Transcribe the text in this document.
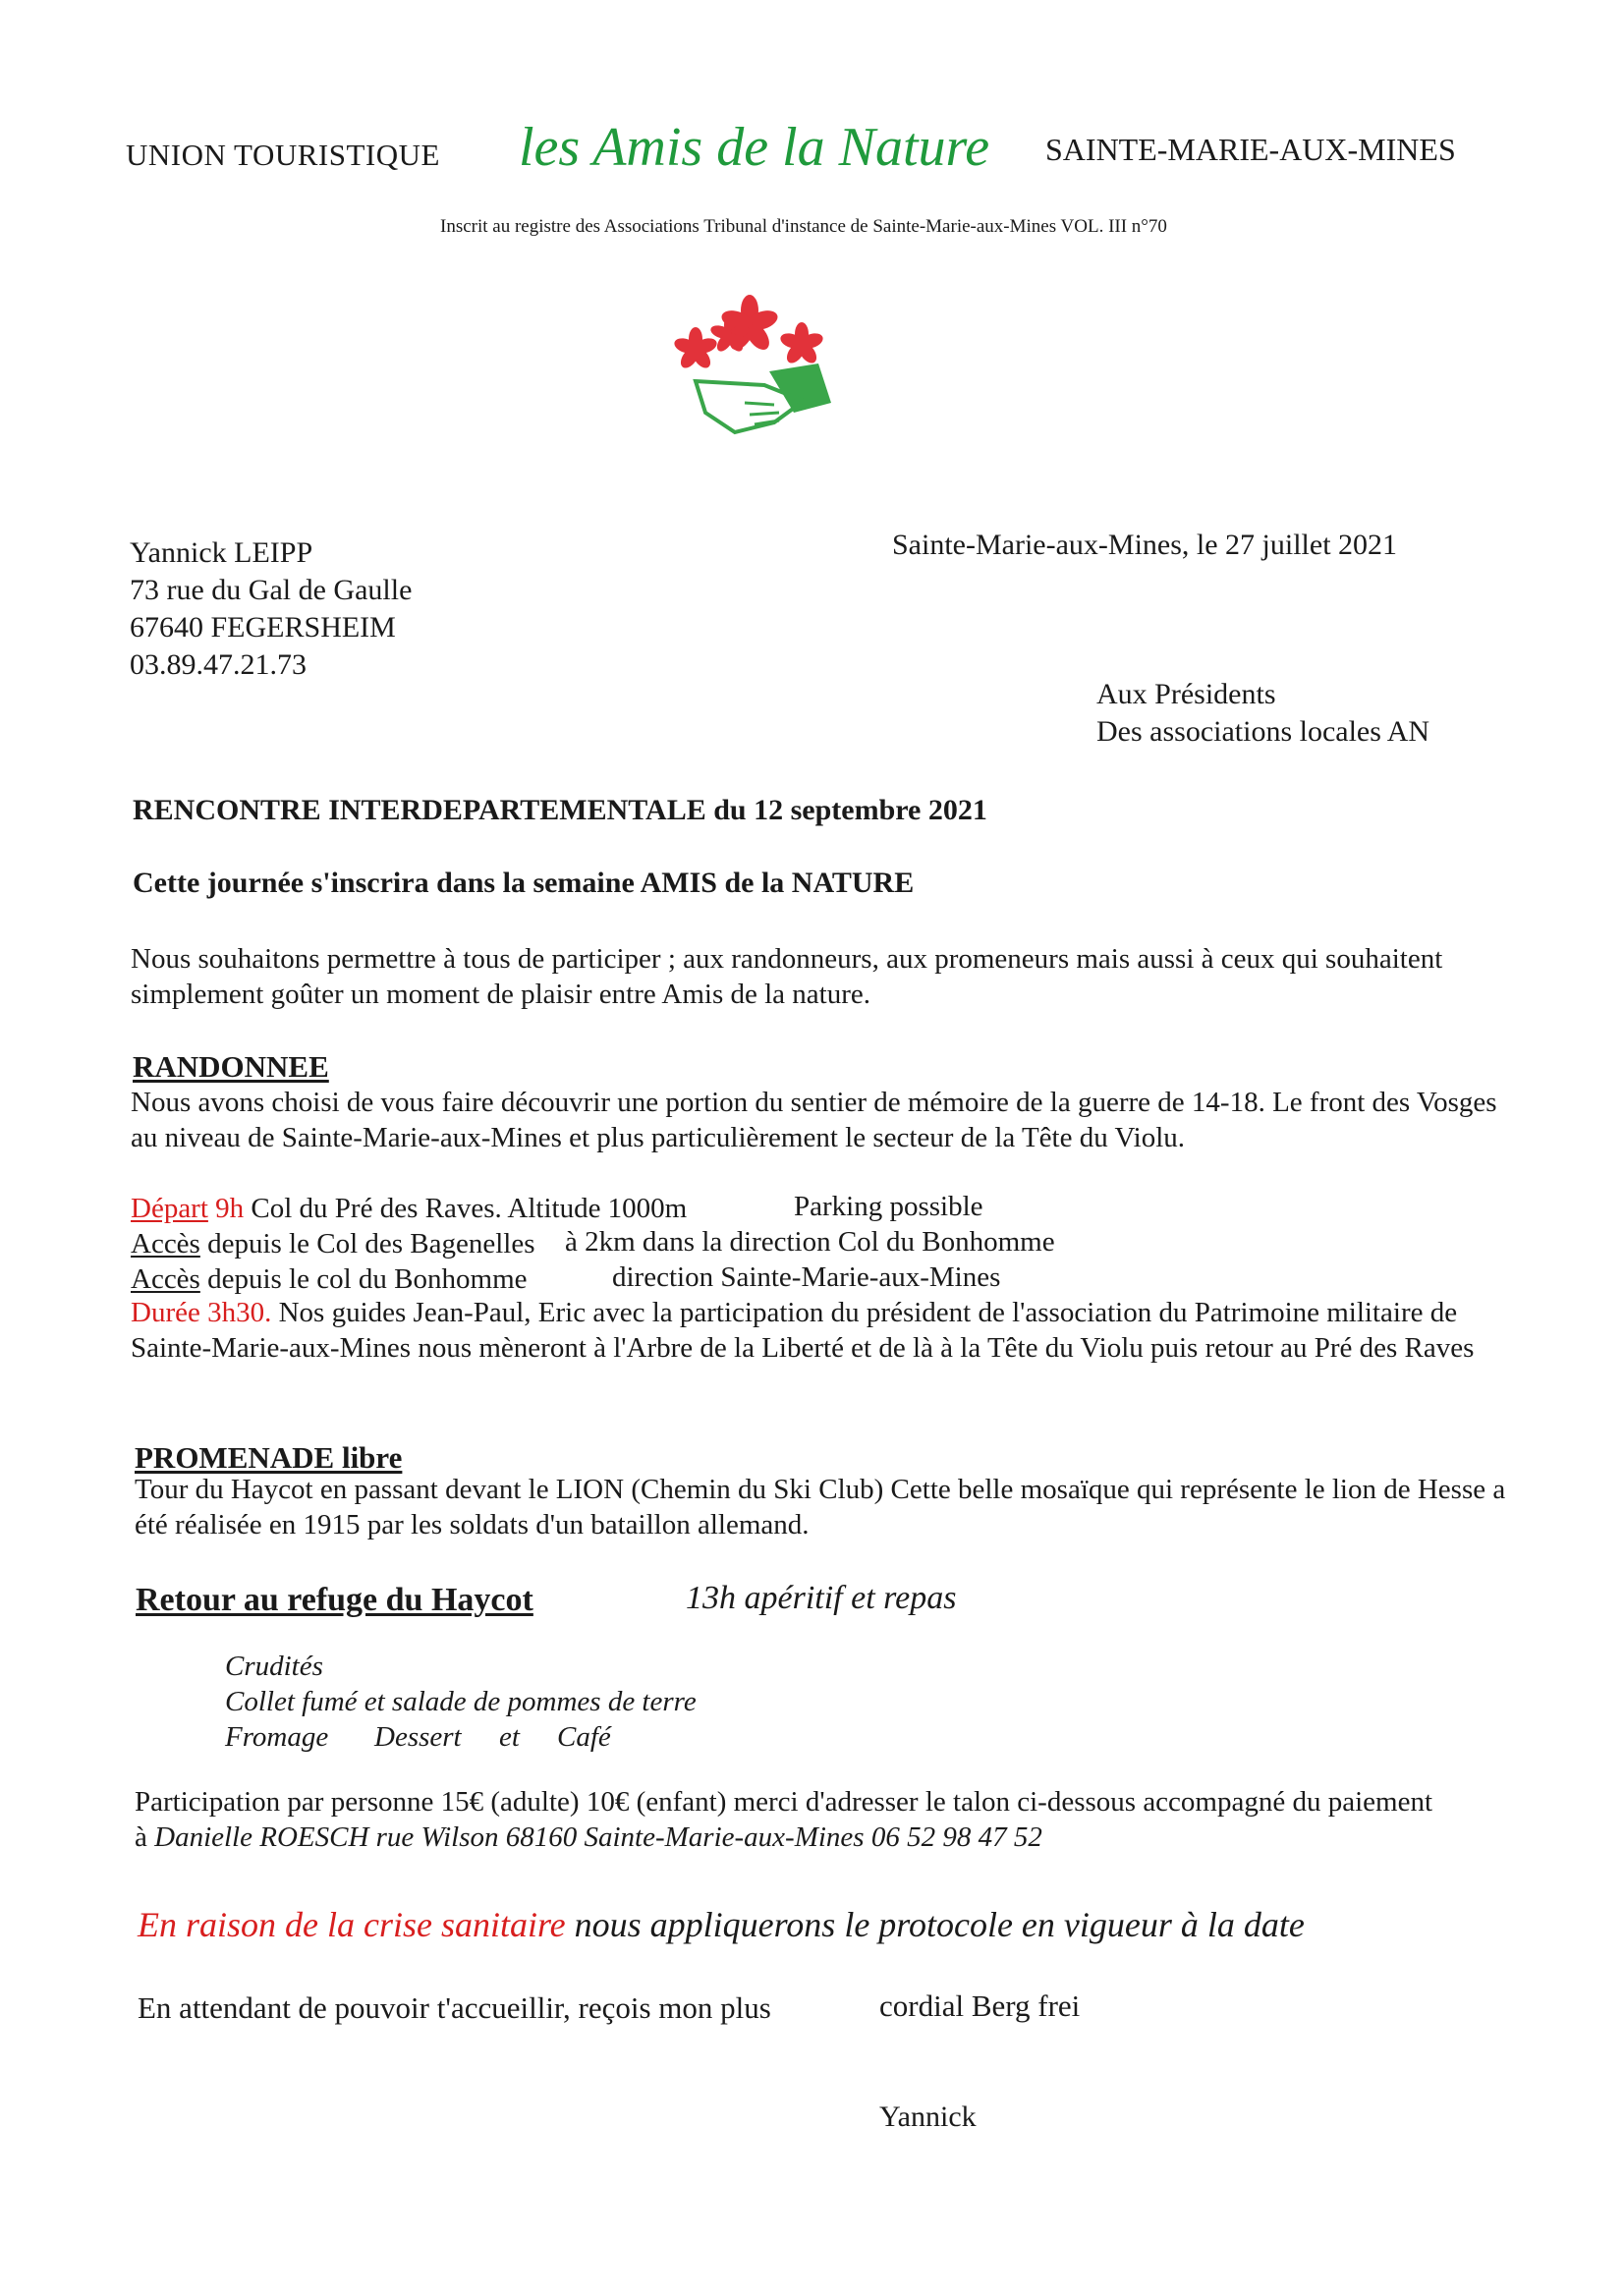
UNION TOURISTIQUE les Amis de la Nature SAINTE-MARIE-AUX-MINES
Inscrit au registre des Associations Tribunal d'instance de Sainte-Marie-aux-Mines VOL. III n°70
Yannick LEIPP
73 rue du Gal de Gaulle
67640 FEGERSHEIM
03.89.47.21.73
Sainte-Marie-aux-Mines, le 27 juillet 2021
Aux Présidents
Des associations locales AN
RENCONTRE INTERDEPARTEMENTALE du 12 septembre 2021
Cette journée s'inscrira dans la semaine AMIS de la NATURE
Nous souhaitons permettre à tous de participer ; aux randonneurs, aux promeneurs mais aussi à ceux qui souhaitent simplement goûter un moment de plaisir entre Amis de la nature.
RANDONNEE
Nous avons choisi de vous faire découvrir une portion du sentier de mémoire de la guerre de 14-18. Le front des Vosges au niveau de Sainte-Marie-aux-Mines et plus particulièrement le secteur de la Tête du Violu.
Départ 9h Col du Pré des Raves. Altitude 1000m	Parking possible
Accès depuis le Col des Bagenelles à 2km dans la direction Col du Bonhomme
Accès depuis le col du Bonhomme	direction Sainte-Marie-aux-Mines
Durée 3h30. Nos guides Jean-Paul, Eric avec la participation du président de l'association du Patrimoine militaire de Sainte-Marie-aux-Mines nous mèneront à l'Arbre de la Liberté et de là à la Tête du Violu puis retour au Pré des Raves
PROMENADE libre
Tour du Haycot en passant devant le LION (Chemin du Ski Club) Cette belle mosaïque qui représente le lion de Hesse a été réalisée en 1915 par les soldats d'un bataillon allemand.
Retour au refuge du Haycot	13h apéritif et repas
Crudités
Collet fumé et salade de pommes de terre
Fromage Dessert et Café
Participation par personne 15€ (adulte) 10€ (enfant) merci d'adresser le talon ci-dessous accompagné du paiement
à Danielle ROESCH rue Wilson 68160 Sainte-Marie-aux-Mines 06 52 98 47 52
En raison de la crise sanitaire nous appliquerons le protocole en vigueur à la date
En attendant de pouvoir t'accueillir, reçois mon plus	cordial Berg frei
Yannick
